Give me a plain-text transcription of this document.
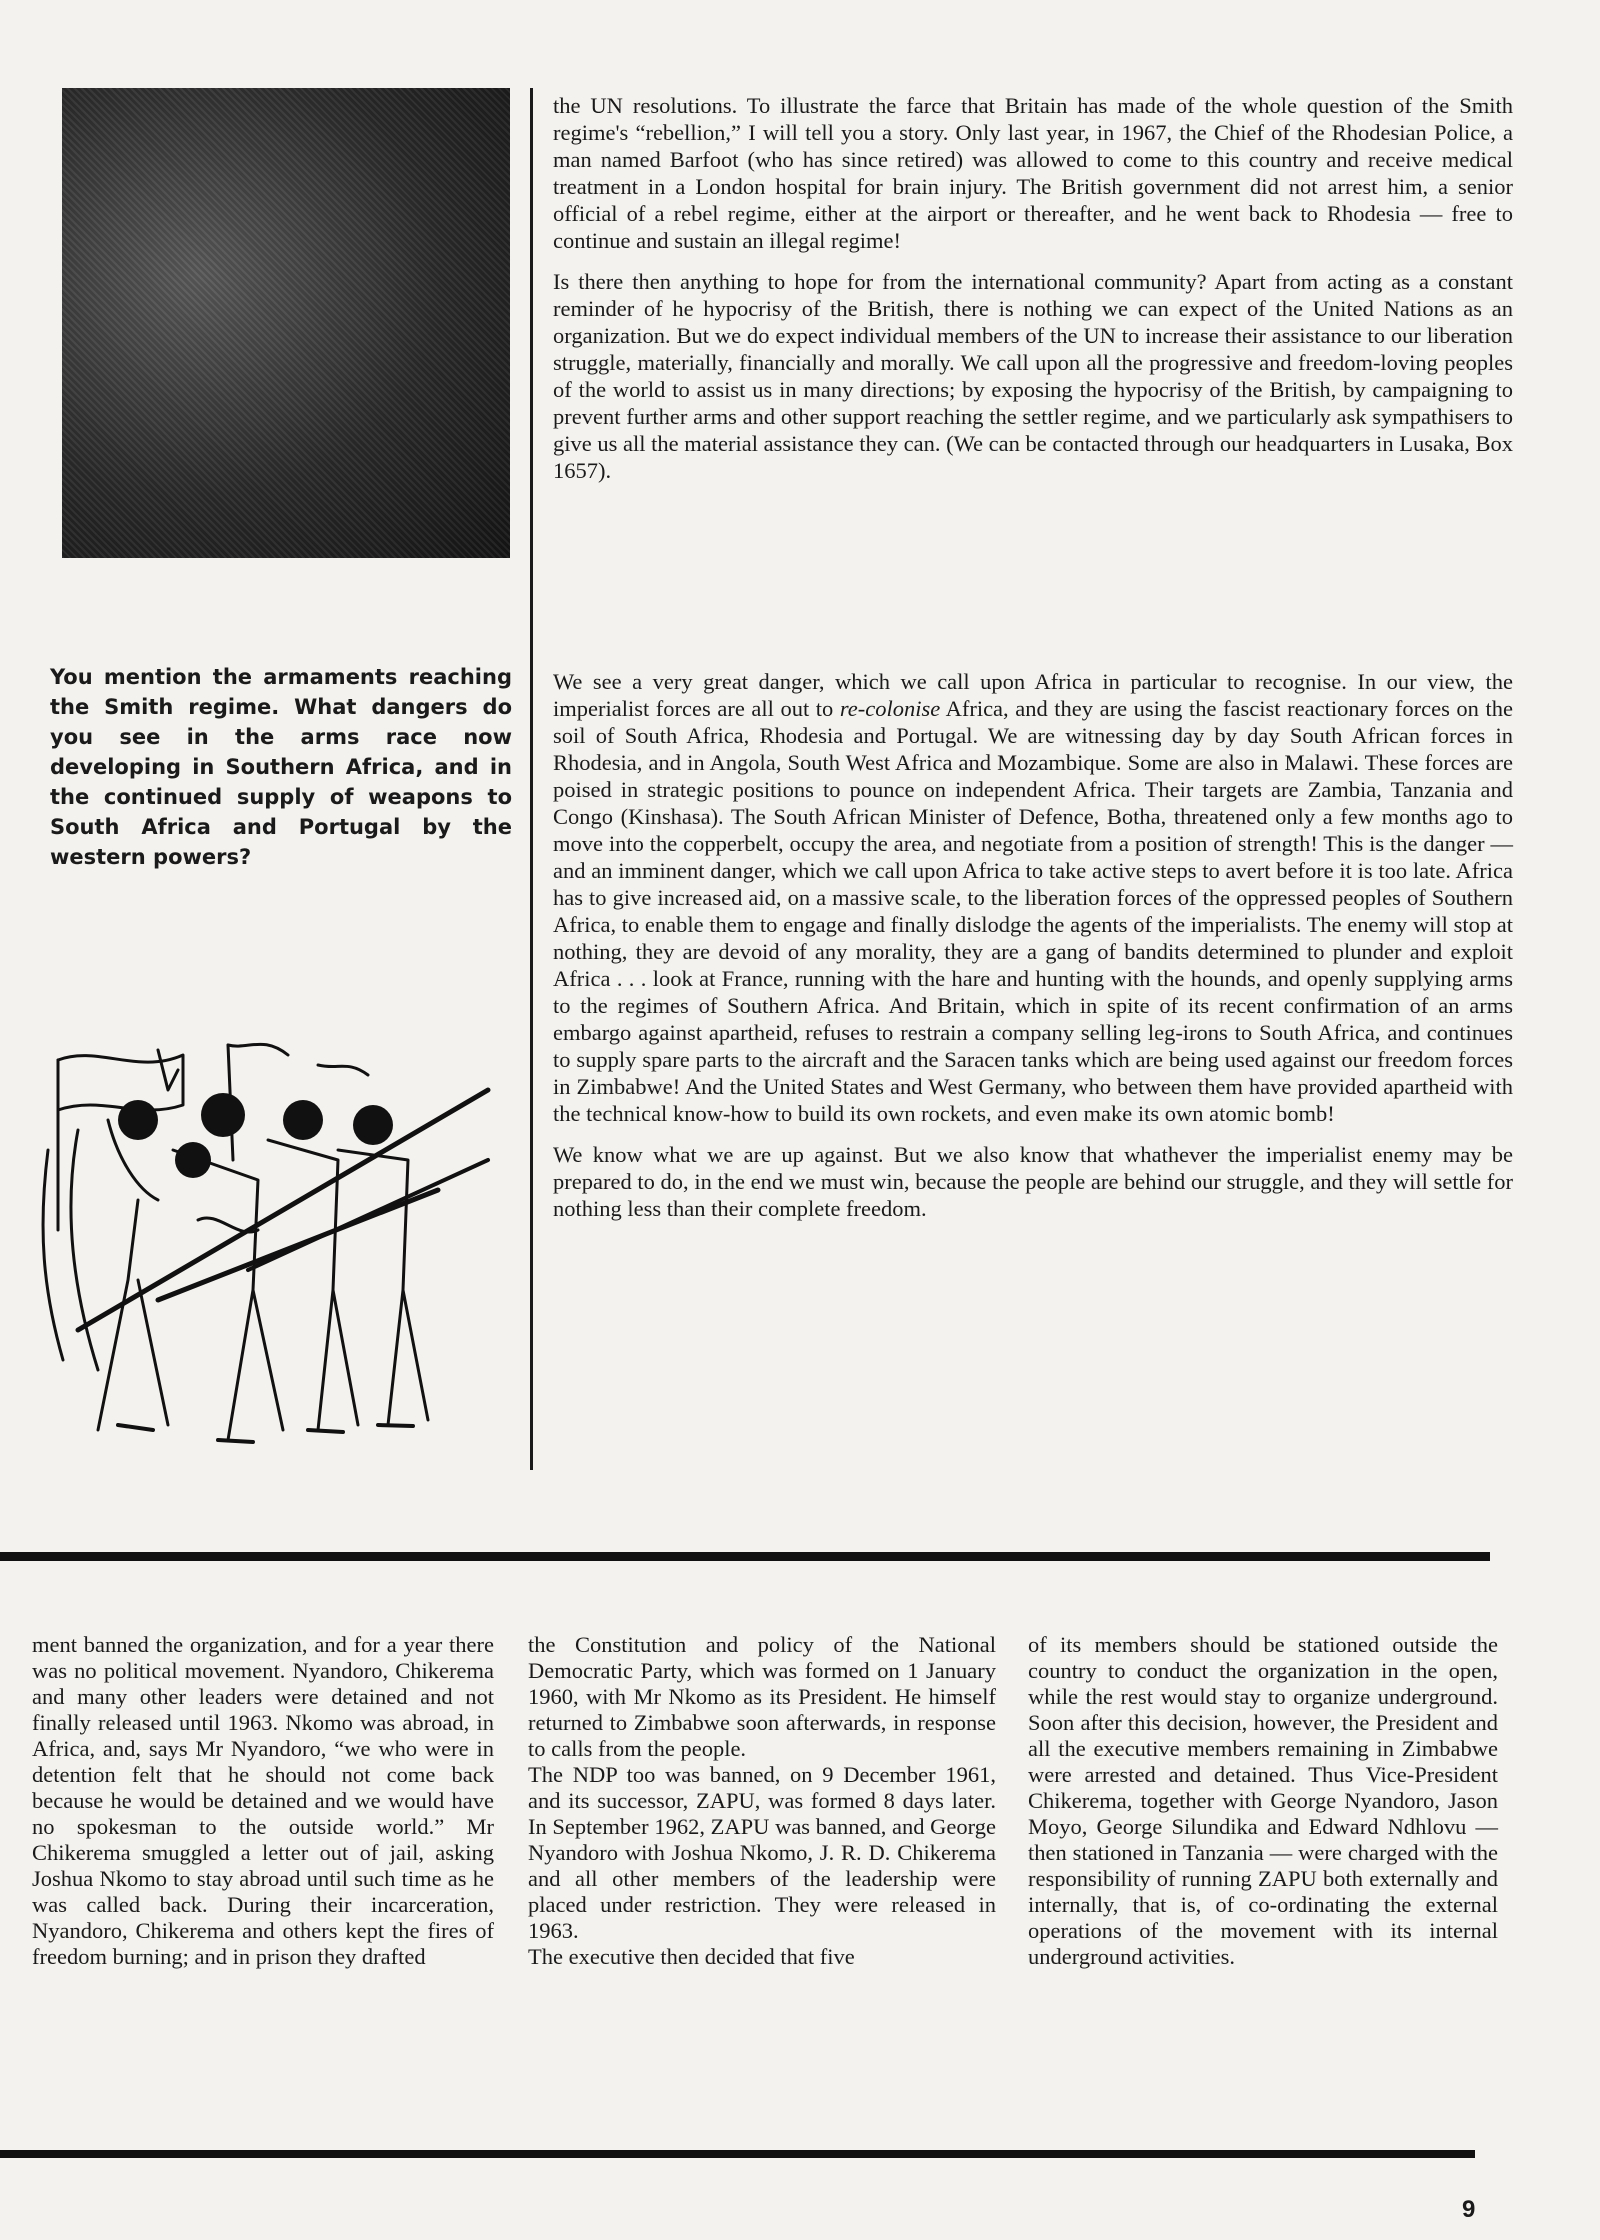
the UN resolutions. To illustrate the farce that Britain has made of the whole question of the Smith regime's “rebellion,” I will tell you a story. Only last year, in 1967, the Chief of the Rhodesian Police, a man named Barfoot (who has since retired) was allowed to come to this country and receive medical treatment in a London hospital for brain injury. The British government did not arrest him, a senior official of a rebel regime, either at the airport or thereafter, and he went back to Rhodesia — free to continue and sustain an illegal regime!

Is there then anything to hope for from the international community? Apart from acting as a constant reminder of he hypocrisy of the British, there is nothing we can expect of the United Nations as an organization. But we do expect individual members of the UN to increase their assistance to our liberation struggle, materially, financially and morally. We call upon all the progressive and freedom-loving peoples of the world to assist us in many directions; by exposing the hypocrisy of the British, by campaigning to prevent further arms and other support reaching the settler regime, and we particularly ask sympathisers to give us all the material assistance they can. (We can be contacted through our headquarters in Lusaka, Box 1657).

You mention the armaments reaching the Smith regime. What dangers do you see in the arms race now developing in Southern Africa, and in the continued supply of weapons to South Africa and Portugal by the western powers?

We see a very great danger, which we call upon Africa in particular to recognise. In our view, the imperialist forces are all out to re-colonise Africa, and they are using the fascist reactionary forces on the soil of South Africa, Rhodesia and Portugal. We are witnessing day by day South African forces in Rhodesia, and in Angola, South West Africa and Mozambique. Some are also in Malawi. These forces are poised in strategic positions to pounce on independent Africa. Their targets are Zambia, Tanzania and Congo (Kinshasa). The South African Minister of Defence, Botha, threatened only a few months ago to move into the copperbelt, occupy the area, and negotiate from a position of strength! This is the danger — and an imminent danger, which we call upon Africa to take active steps to avert before it is too late. Africa has to give increased aid, on a massive scale, to the liberation forces of the oppressed peoples of Southern Africa, to enable them to engage and finally dislodge the agents of the imperialists. The enemy will stop at nothing, they are devoid of any morality, they are a gang of bandits determined to plunder and exploit Africa . . . look at France, running with the hare and hunting with the hounds, and openly supplying arms to the regimes of Southern Africa. And Britain, which in spite of its recent confirmation of an arms embargo against apartheid, refuses to restrain a company selling leg-irons to South Africa, and continues to supply spare parts to the aircraft and the Saracen tanks which are being used against our freedom forces in Zimbabwe! And the United States and West Germany, who between them have provided apartheid with the technical know-how to build its own rockets, and even make its own atomic bomb!

We know what we are up against. But we also know that whathever the imperialist enemy may be prepared to do, in the end we must win, because the people are behind our struggle, and they will settle for nothing less than their complete freedom.

ment banned the organization, and for a year there was no political movement. Nyandoro, Chikerema and many other leaders were detained and not finally released until 1963. Nkomo was abroad, in Africa, and, says Mr Nyandoro, “we who were in detention felt that he should not come back because he would be detained and we would have no spokesman to the outside world.” Mr Chikerema smuggled a letter out of jail, asking Joshua Nkomo to stay abroad until such time as he was called back. During their incarceration, Nyandoro, Chikerema and others kept the fires of freedom burning; and in prison they drafted

the Constitution and policy of the National Democratic Party, which was formed on 1 January 1960, with Mr Nkomo as its President. He himself returned to Zimbabwe soon afterwards, in response to calls from the people.

The NDP too was banned, on 9 December 1961, and its successor, ZAPU, was formed 8 days later. In September 1962, ZAPU was banned, and George Nyandoro with Joshua Nkomo, J. R. D. Chikerema and all other members of the leadership were placed under restriction. They were released in 1963.

The executive then decided that five

of its members should be stationed outside the country to conduct the organization in the open, while the rest would stay to organize underground. Soon after this decision, however, the President and all the executive members remaining in Zimbabwe were arrested and detained. Thus Vice-President Chikerema, together with George Nyandoro, Jason Moyo, George Silundika and Edward Ndhlovu — then stationed in Tanzania — were charged with the responsibility of running ZAPU both externally and internally, that is, of co-ordinating the external operations of the movement with its internal underground activities.

9
